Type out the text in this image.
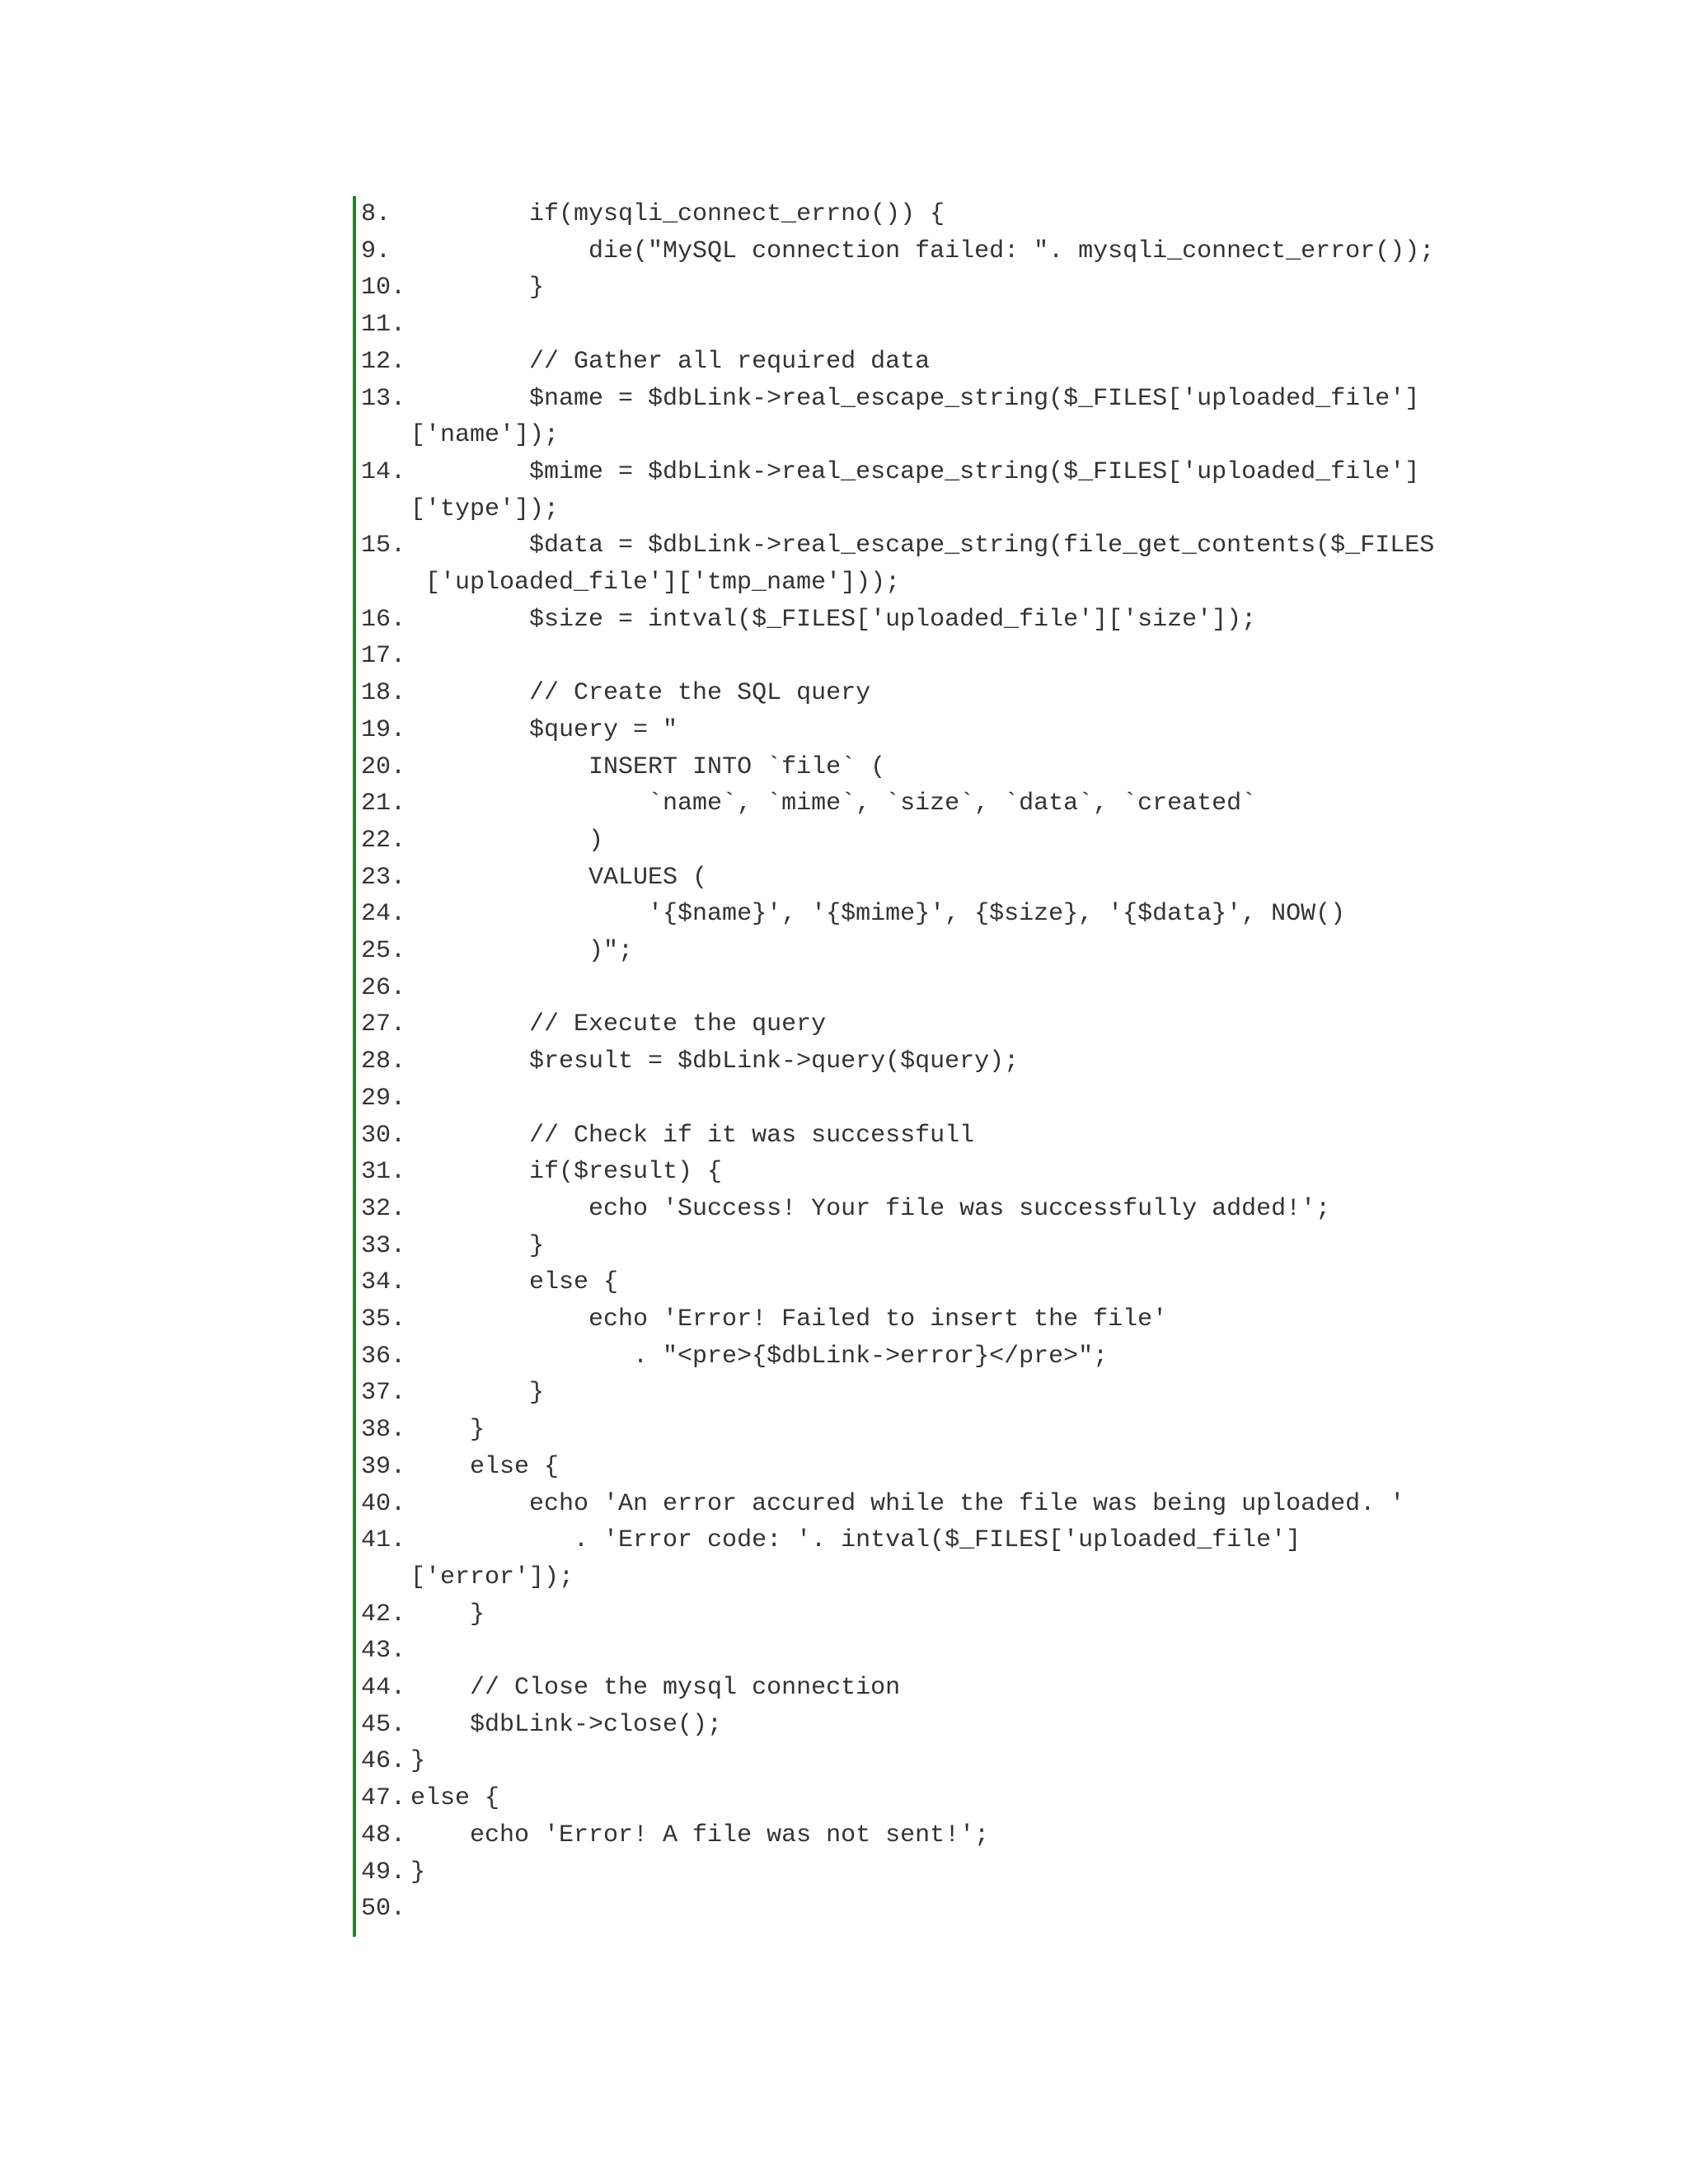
8. if(mysqli_connect_errno()) {
9. die("MySQL connection failed: ". mysqli_connect_error());
10. }
11.
12. // Gather all required data
13. $name = $dbLink->real_escape_string($_FILES['uploaded_file']
['name']);
14. $mime = $dbLink->real_escape_string($_FILES['uploaded_file']
['type']);
15. $data = $dbLink->real_escape_string(file_get_contents($_FILES
['uploaded_file']['tmp_name']));
16. $size = intval($_FILES['uploaded_file']['size']);
17.
18. // Create the SQL query
19. $query = "
20. INSERT INTO `file` (
21. `name`, `mime`, `size`, `data`, `created`
22. )
23. VALUES (
24. '{$name}', '{$mime}', {$size}, '{$data}', NOW()
25. )";
26.
27. // Execute the query
28. $result = $dbLink->query($query);
29.
30. // Check if it was successfull
31. if($result) {
32. echo 'Success! Your file was successfully added!';
33. }
34. else {
35. echo 'Error! Failed to insert the file'
36. . "<pre>{$dbLink->error}</pre>";
37. }
38. }
39. else {
40. echo 'An error accured while the file was being uploaded. '
41. . 'Error code: '. intval($_FILES['uploaded_file']
['error']);
42. }
43.
44. // Close the mysql connection
45. $dbLink->close();
46. }
47. else {
48. echo 'Error! A file was not sent!';
49. }
50.
